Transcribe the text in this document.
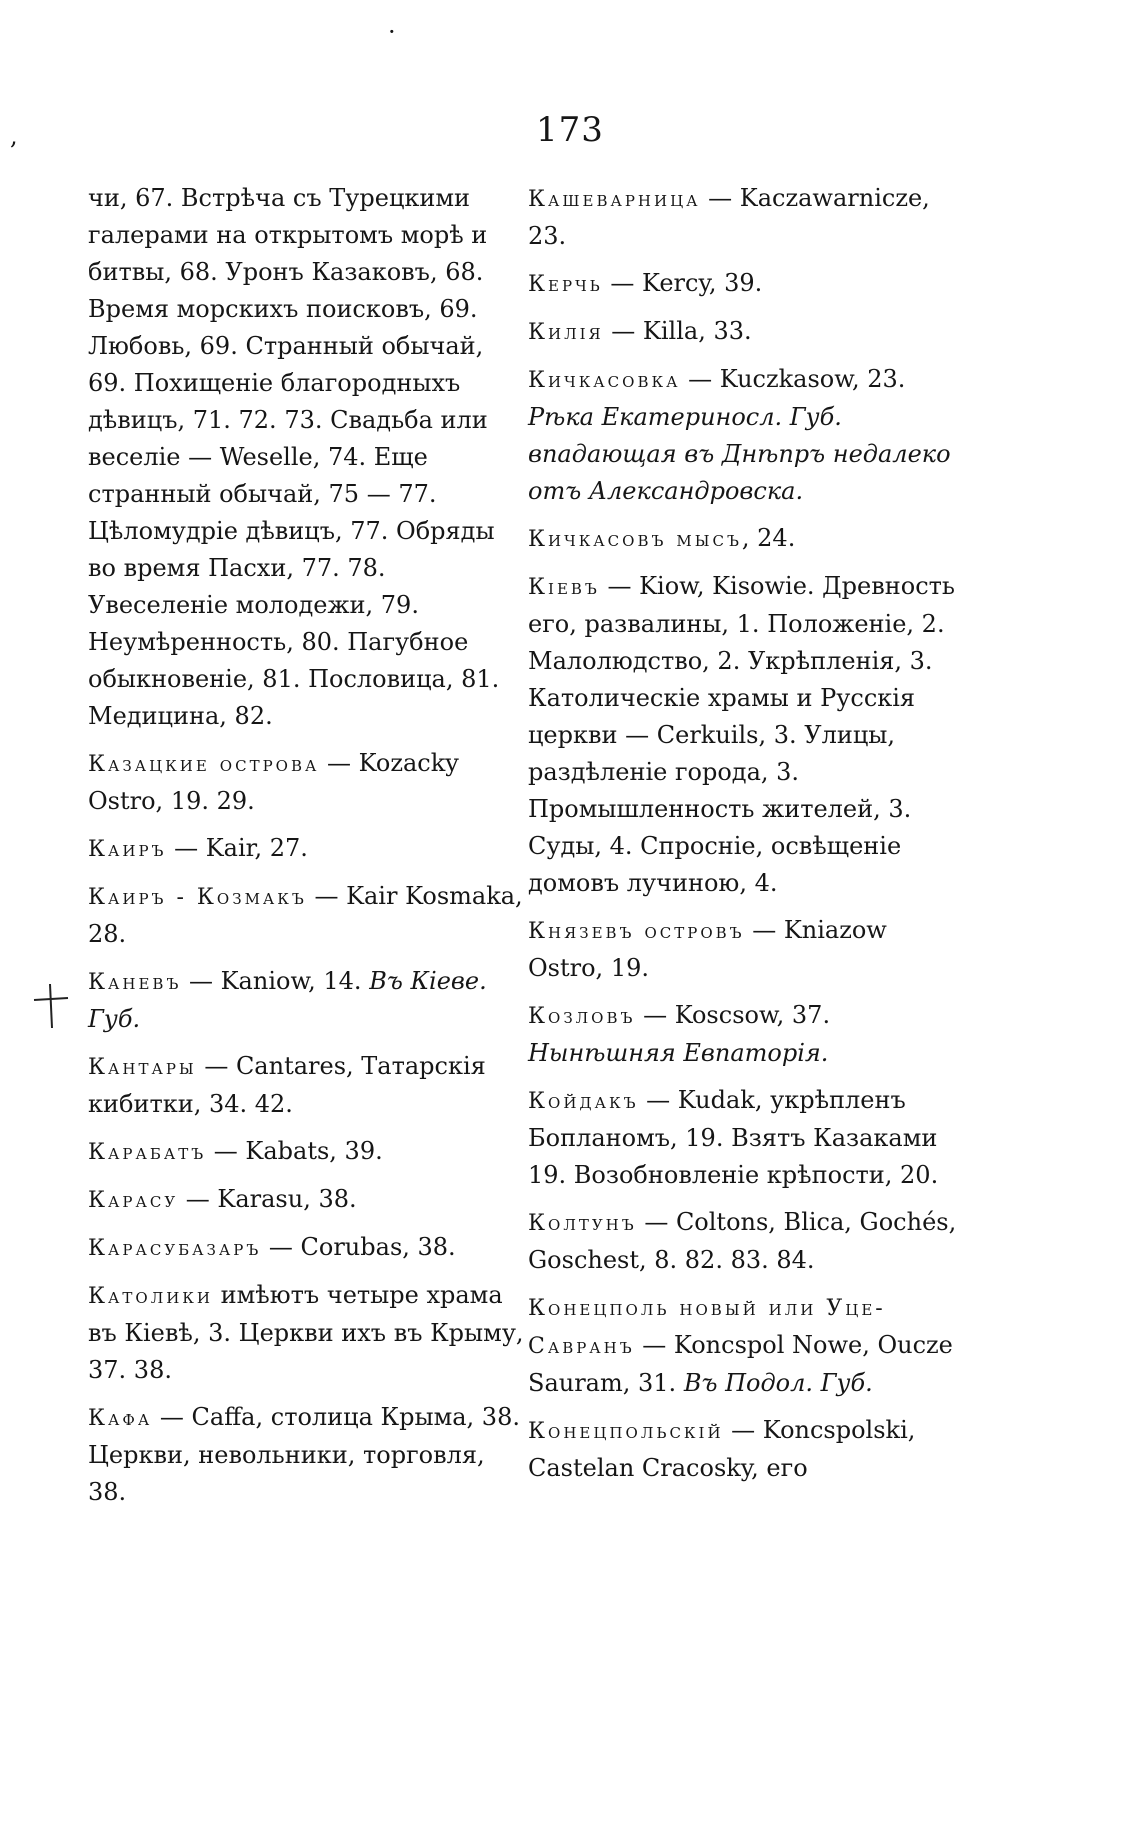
173
·
,
чи, 67. Встрѣча съ Турецкими галерами на открытомъ морѣ и битвы, 68. Уронъ Казаковъ, 68. Время морскихъ поисковъ, 69. Любовь, 69. Странный обычай, 69. Похищеніе благородныхъ дѣвицъ, 71. 72. 73. Свадьба или веселіе — Weselle, 74. Еще странный обычай, 75 — 77. Цѣломудріе дѣвицъ, 77. Обряды во время Пасхи, 77. 78. Увеселеніе молодежи, 79. Неумѣренность, 80. Пагубное обыкновеніе, 81. Пословица, 81. Медицина, 82.
Казацкие острова — Kozacky Ostro, 19. 29.
Каиръ — Kair, 27.
Каиръ - Козмакъ — Kair Kosmaka, 28.
Каневъ — Kaniow, 14. Въ Кіеве. Губ.
Кантары — Cantares, Татарскія кибитки, 34. 42.
Карабатъ — Kabats, 39.
Карасу — Karasu, 38.
Карасубазаръ — Corubas, 38.
Католики имѣютъ четыре храма въ Кіевѣ, 3. Церкви ихъ въ Крыму, 37. 38.
Кафа — Caffa, столица Крыма, 38. Церкви, невольники, торговля, 38.
Кашеварница — Kaczawarnicze, 23.
Керчь — Kercy, 39.
Килія — Killa, 33.
Кичкасовка — Kuczkasow, 23. Рѣка Екатериносл. Губ. впадающая въ Днѣпръ недалеко отъ Александровска.
Кичкасовъ мысъ, 24.
Кіевъ — Kiow, Kisowie. Древность его, развалины, 1. Положеніе, 2. Малолюдство, 2. Укрѣпленія, 3. Католическіе храмы и Русскія церкви — Cerkuils, 3. Улицы, раздѣленіе города, 3. Промышленность жителей, 3. Суды, 4. Спросніе, освѣщеніе домовъ лучиною, 4.
Князевъ островъ — Kniazow Ostro, 19.
Козловъ — Koscsow, 37. Нынѣшняя Евпаторія.
Койдакъ — Kudak, укрѣпленъ Бопланомъ, 19. Взятъ Казаками 19. Возобновленіе крѣпости, 20.
Колтунъ — Coltons, Blica, Gochés, Goschest, 8. 82. 83. 84.
Конецполь новый или Уце-Савранъ — Koncspol Nowe, Oucze Sauram, 31. Въ Подол. Губ.
Конецпольскій — Koncspolski, Castelan Cracosky, его
